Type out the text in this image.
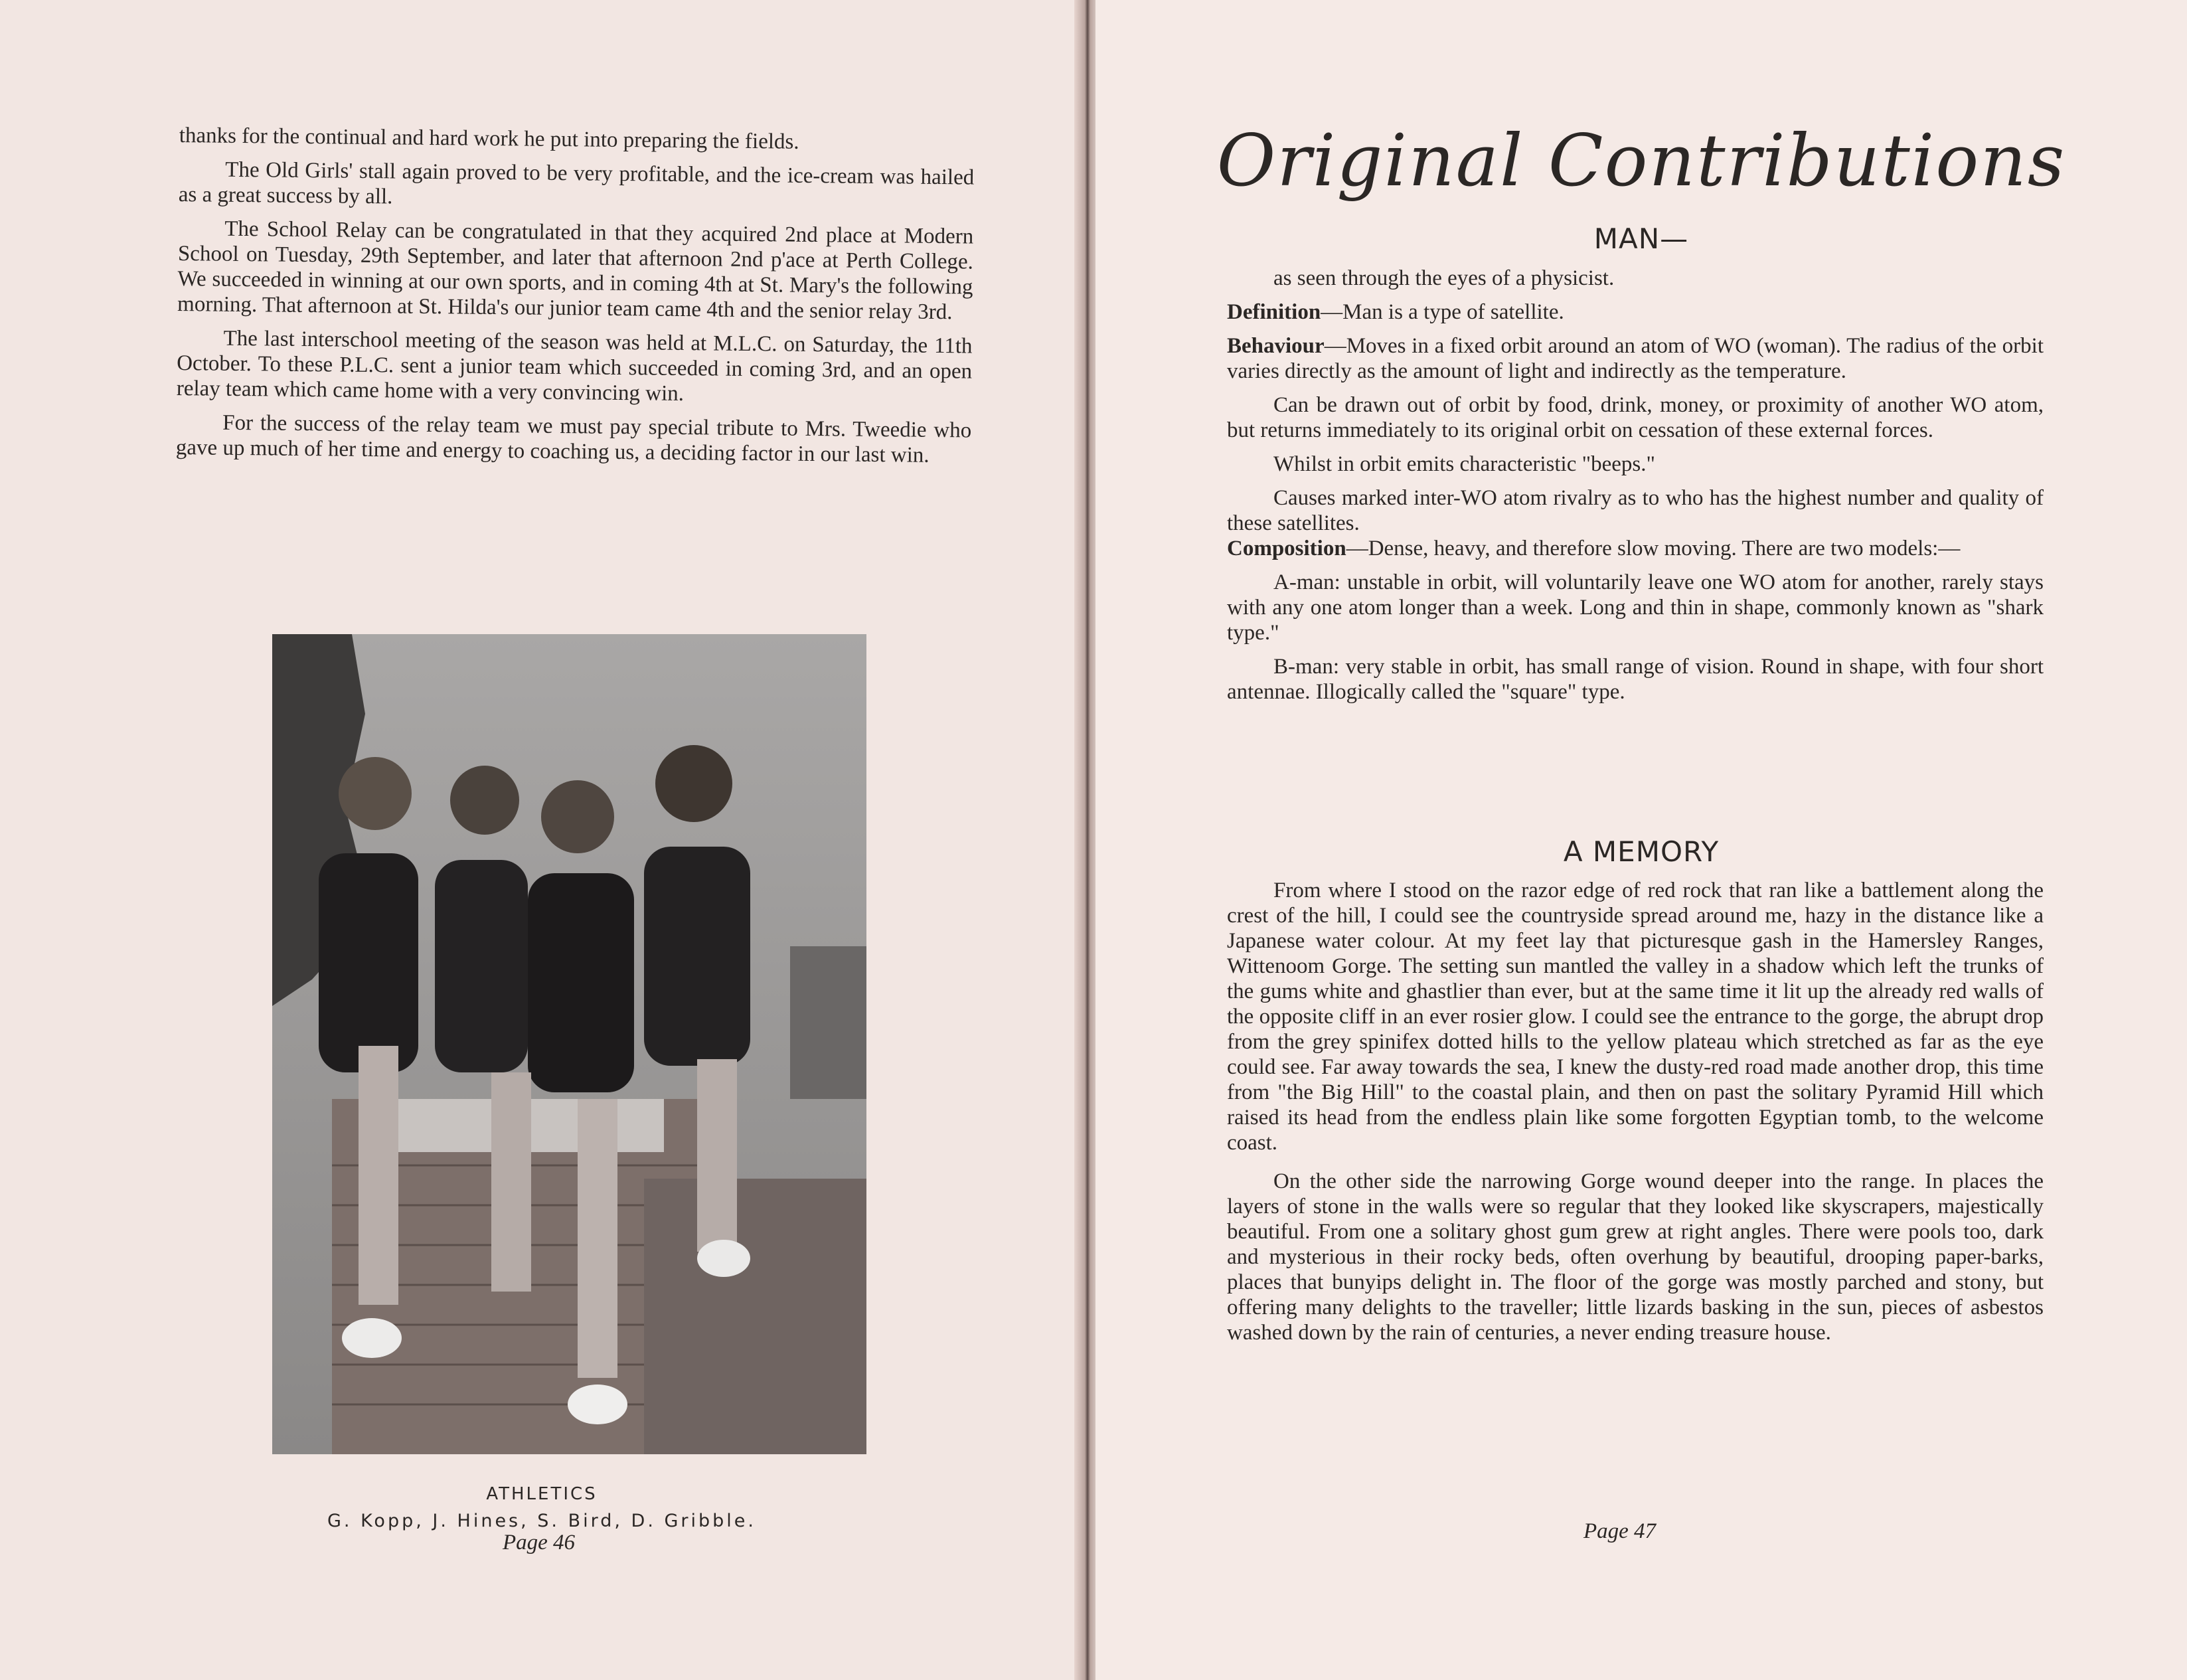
thanks for the continual and hard work he put into preparing the fields.

The Old Girls' stall again proved to be very profitable, and the ice-cream was hailed as a great success by all.

The School Relay can be congratulated in that they acquired 2nd place at Modern School on Tuesday, 29th September, and later that afternoon 2nd p'ace at Perth College. We succeeded in winning at our own sports, and in coming 4th at St. Mary's the following morning. That afternoon at St. Hilda's our junior team came 4th and the senior relay 3rd.

The last interschool meeting of the season was held at M.L.C. on Saturday, the 11th October. To these P.L.C. sent a junior team which succeeded in coming 3rd, and an open relay team which came home with a very convincing win.

For the success of the relay team we must pay special tribute to Mrs. Tweedie who gave up much of her time and energy to coaching us, a deciding factor in our last win.

ATHLETICS
G. Kopp, J. Hines, S. Bird, D. Gribble.
Page 46
Original Contributions
MAN—

as seen through the eyes of a physicist.

Definition—Man is a type of satellite.

Behaviour—Moves in a fixed orbit around an atom of WO (woman). The radius of the orbit varies directly as the amount of light and indirectly as the temperature.

Can be drawn out of orbit by food, drink, money, or proximity of another WO atom, but returns immediately to its original orbit on cessation of these external forces.

Whilst in orbit emits characteristic "beeps."

Causes marked inter-WO atom rivalry as to who has the highest number and quality of these satellites.

Composition—Dense, heavy, and therefore slow moving. There are two models:—

A-man: unstable in orbit, will voluntarily leave one WO atom for another, rarely stays with any one atom longer than a week. Long and thin in shape, commonly known as "shark type."

B-man: very stable in orbit, has small range of vision. Round in shape, with four short antennae. Illogically called the "square" type.

A MEMORY

From where I stood on the razor edge of red rock that ran like a battlement along the crest of the hill, I could see the countryside spread around me, hazy in the distance like a Japanese water colour. At my feet lay that picturesque gash in the Hamersley Ranges, Wittenoom Gorge. The setting sun mantled the valley in a shadow which left the trunks of the gums white and ghastlier than ever, but at the same time it lit up the already red walls of the opposite cliff in an ever rosier glow. I could see the entrance to the gorge, the abrupt drop from the grey spinifex dotted hills to the yellow plateau which stretched as far as the eye could see. Far away towards the sea, I knew the dusty-red road made another drop, this time from "the Big Hill" to the coastal plain, and then on past the solitary Pyramid Hill which raised its head from the endless plain like some forgotten Egyptian tomb, to the welcome coast.

On the other side the narrowing Gorge wound deeper into the range. In places the layers of stone in the walls were so regular that they looked like skyscrapers, majestically beautiful. From one a solitary ghost gum grew at right angles. There were pools too, dark and mysterious in their rocky beds, often overhung by beautiful, drooping paper-barks, places that bunyips delight in. The floor of the gorge was mostly parched and stony, but offering many delights to the traveller; little lizards basking in the sun, pieces of asbestos washed down by the rain of centuries, a never ending treasure house.

Page 47
